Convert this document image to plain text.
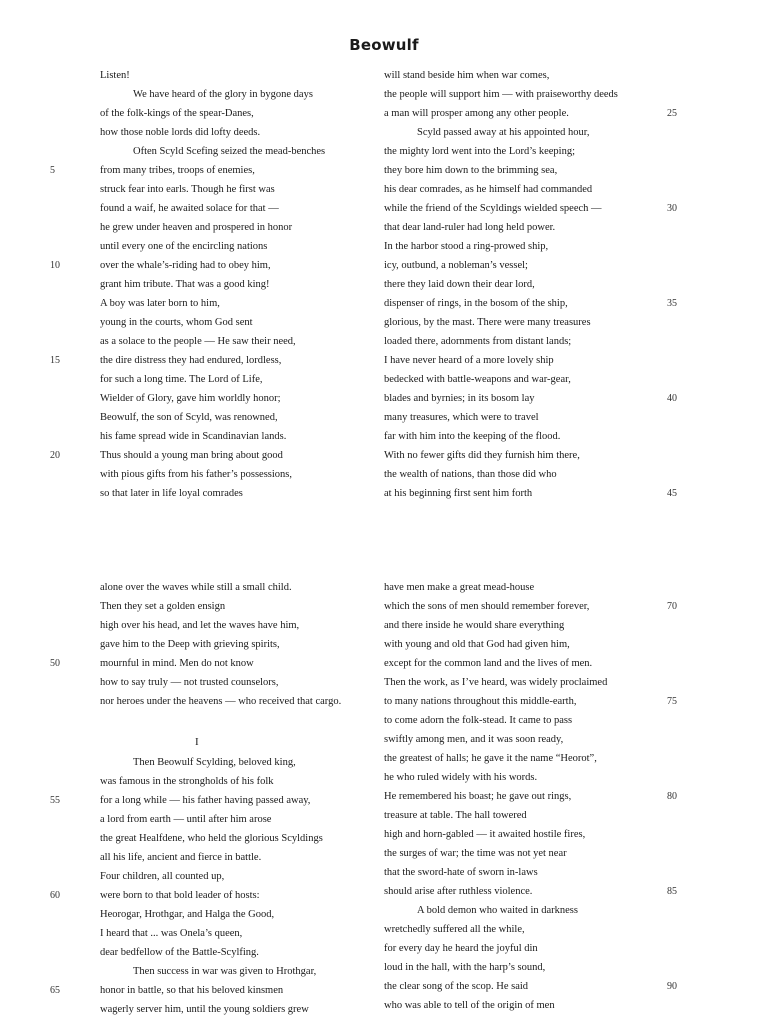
Beowulf
Listen!
We have heard of the glory in bygone days
of the folk-kings of the spear-Danes,
how those noble lords did lofty deeds.
Often Scyld Scefing seized the mead-benches
from many tribes, troops of enemies,
struck fear into earls. Though he first was
found a waif, he awaited solace for that —
he grew under heaven and prospered in honor
until every one of the encircling nations
over the whale’s-riding had to obey him,
grant him tribute. That was a good king!
A boy was later born to him,
young in the courts, whom God sent
as a solace to the people — He saw their need,
the dire distress they had endured, lordless,
for such a long time. The Lord of Life,
Wielder of Glory, gave him worldly honor;
Beowulf, the son of Scyld, was renowned,
his fame spread wide in Scandinavian lands.
Thus should a young man bring about good
with pious gifts from his father’s possessions,
so that later in life loyal comrades
will stand beside him when war comes,
the people will support him — with praiseworthy deeds
a man will prosper among any other people.
Scyld passed away at his appointed hour,
the mighty lord went into the Lord’s keeping;
they bore him down to the brimming sea,
his dear comrades, as he himself had commanded
while the friend of the Scyldings wielded speech —
that dear land-ruler had long held power.
In the harbor stood a ring-prowed ship,
icy, outbund, a nobleman’s vessel;
there they laid down their dear lord,
dispenser of rings, in the bosom of the ship,
glorious, by the mast. There were many treasures
loaded there, adornments from distant lands;
I have never heard of a more lovely ship
bedecked with battle-weapons and war-gear,
blades and byrnies; in its bosom lay
many treasures, which were to travel
far with him into the keeping of the flood.
With no fewer gifts did they furnish him there,
the wealth of nations, than those did who
at his beginning first sent him forth
alone over the waves while still a small child.
Then they set a golden ensign
high over his head, and let the waves have him,
gave him to the Deep with grieving spirits,
mournful in mind. Men do not know
how to say truly — not trusted counselors,
nor heroes under the heavens — who received that cargo.
I
Then Beowulf Scylding, beloved king,
was famous in the strongholds of his folk
for a long while — his father having passed away,
a lord from earth — until after him arose
the great Healfdene, who held the glorious Scyldings
all his life, ancient and fierce in battle.
Four children, all counted up,
were born to that bold leader of hosts:
Heorogar, Hrothgar, and Halga the Good,
I heard that ... was Onela’s queen,
dear bedfellow of the Battle-Scylfing.
Then success in war was given to Hrothgar,
honor in battle, so that his beloved kinsmen
wagerly server him, until the young soldiers grew
have men make a great mead-house
which the sons of men should remember forever,
and there inside he would share everything
with young and old that God had given him,
except for the common land and the lives of men.
Then the work, as I’ve heard, was widely proclaimed
to many nations throughout this middle-earth,
to come adorn the folk-stead. It came to pass
swiftly among men, and it was soon ready,
the greatest of halls; he gave it the name “Heorot”,
he who ruled widely with his words.
He remembered his boast; he gave out rings,
treasure at table. The hall towered
high and horn-gabled — it awaited hostile fires,
the surges of war; the time was not yet near
that the sword-hate of sworn in-laws
should arise after ruthless violence.
A bold demon who waited in darkness
wretchedly suffered all the while,
for every day he heard the joyful din
loud in the hall, with the harp’s sound,
the clear song of the scop. He said
who was able to tell of the origin of men
5
10
15
20
25
30
35
40
45
50
55
60
65
70
75
80
85
90
